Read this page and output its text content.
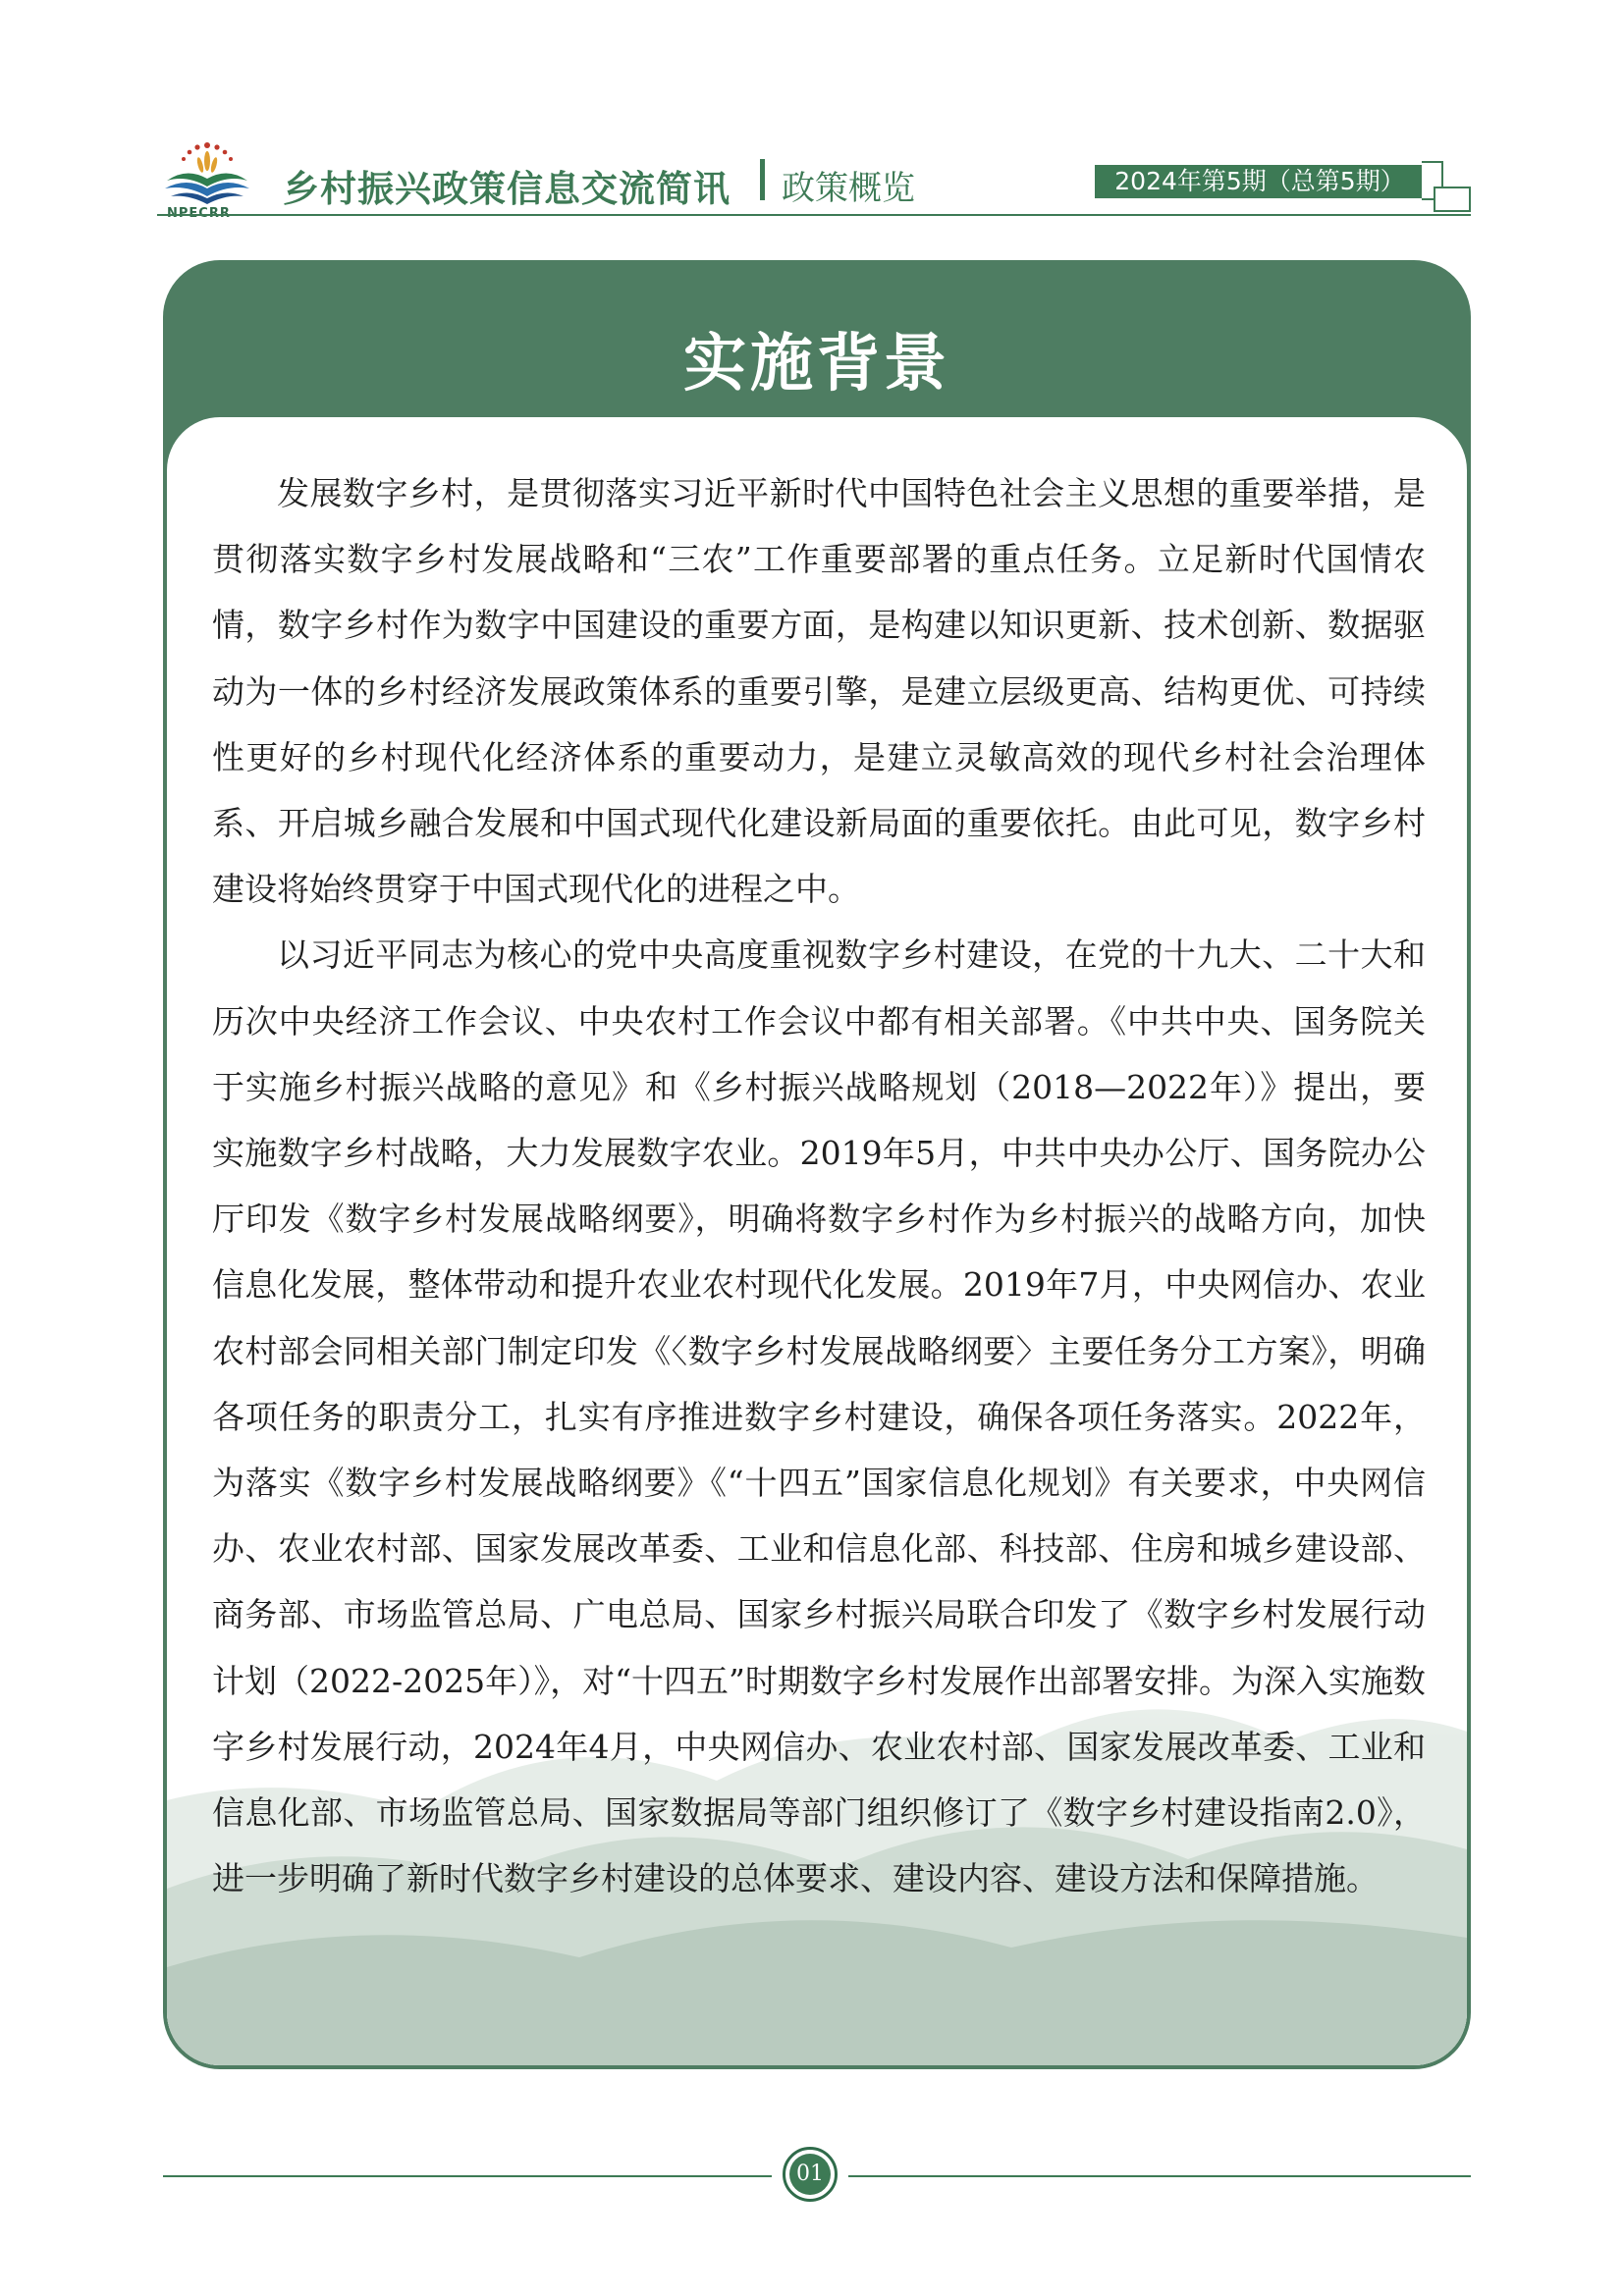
乡村振兴政策信息交流简讯 政策概览	2024年第5期（总第5期）
实施背景

发展数字乡村，是贯彻落实习近平新时代中国特色社会主义思想的重要举措，是贯彻落实数字乡村发展战略和“三农”工作重要部署的重点任务。立足新时代国情农情，数字乡村作为数字中国建设的重要方面，是构建以知识更新、技术创新、数据驱动为一体的乡村经济发展政策体系的重要引擎，是建立层级更高、结构更优、可持续性更好的乡村现代化经济体系的重要动力，是建立灵敏高效的现代乡村社会治理体系、开启城乡融合发展和中国式现代化建设新局面的重要依托。由此可见，数字乡村建设将始终贯穿于中国式现代化的进程之中。

以习近平同志为核心的党中央高度重视数字乡村建设，在党的十九大、二十大和历次中央经济工作会议、中央农村工作会议中都有相关部署。《中共中央、国务院关于实施乡村振兴战略的意见》和《乡村振兴战略规划（2018—2022年）》提出，要实施数字乡村战略，大力发展数字农业。2019年5月，中共中央办公厅、国务院办公厅印发《数字乡村发展战略纲要》，明确将数字乡村作为乡村振兴的战略方向，加快信息化发展，整体带动和提升农业农村现代化发展。2019年7月，中央网信办、农业农村部会同相关部门制定印发《〈数字乡村发展战略纲要〉主要任务分工方案》，明确各项任务的职责分工，扎实有序推进数字乡村建设，确保各项任务落实。2022年，为落实《数字乡村发展战略纲要》《“十四五”国家信息化规划》有关要求，中央网信办、农业农村部、国家发展改革委、工业和信息化部、科技部、住房和城乡建设部、商务部、市场监管总局、广电总局、国家乡村振兴局联合印发了《数字乡村发展行动计划（2022-2025年）》，对“十四五”时期数字乡村发展作出部署安排。为深入实施数字乡村发展行动，2024年4月，中央网信办、农业农村部、国家发展改革委、工业和信息化部、市场监管总局、国家数据局等部门组织修订了《数字乡村建设指南2.0》，进一步明确了新时代数字乡村建设的总体要求、建设内容、建设方法和保障措施。

01
